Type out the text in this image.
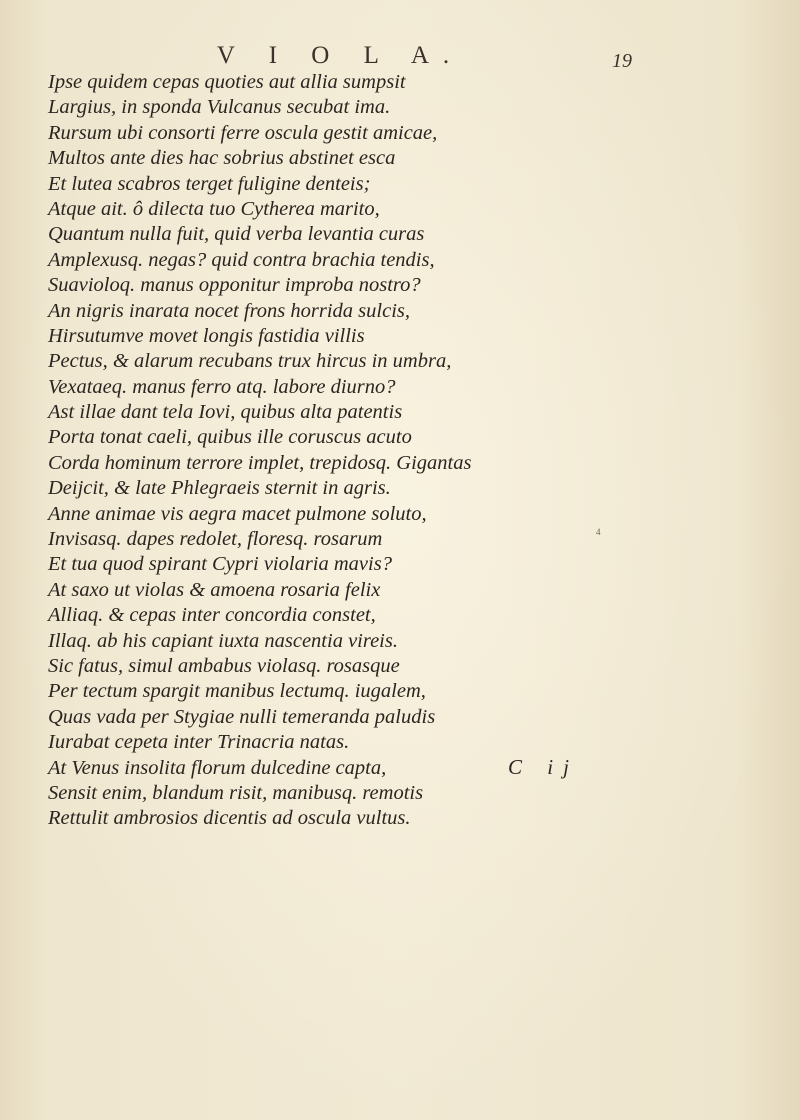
V I O L A.	19
Ipse quidem cepas quoties aut allia sumpsit
Largius, in sponda Vulcanus secubat ima.
Rursum ubi consorti ferre oscula gestit amicae,
Multos ante dies hac sobrius abstinet esca
Et lutea scabros terget fuligine denteis;
Atque ait. ô dilecta tuo Cytherea marito,
Quantum nulla fuit, quid verba levantia curas
Amplexusq. negas? quid contra brachia tendis,
Suavioloq. manus opponitur improba nostro?
An nigris inarata nocet frons horrida sulcis,
Hirsutumve movet longis fastidia villis
Pectus, & alarum recubans trux hircus in umbra,
Vexataeq. manus ferro atq. labore diurno?
Ast illae dant tela Iovi, quibus alta patentis
Porta tonat caeli, quibus ille coruscus acuto
Corda hominum terrore implet, trepidosq. Gigantas
Deijcit, & late Phlegraeis sternit in agris.
Anne animae vis aegra macet pulmone soluto,
Invisasq. dapes redolet, floresq. rosarum
Et tua quod spirant Cypri violaria mavis?
At saxo ut violas & amoena rosaria felix
Alliaq. & cepas inter concordia constet,
Illaq. ab his capiant iuxta nascentia vireis.
Sic fatus, simul ambabus violasq. rosasque
Per tectum spargit manibus lectumq. iugalem,
Quas vada per Stygiae nulli temeranda paludis
Iurabat cepeta inter Trinacria natas.
At Venus insolita florum dulcedine capta,
Sensit enim, blandum risit, manibusq. remotis
Rettulit ambrosios dicentis ad oscula vultus.
4
C ij
